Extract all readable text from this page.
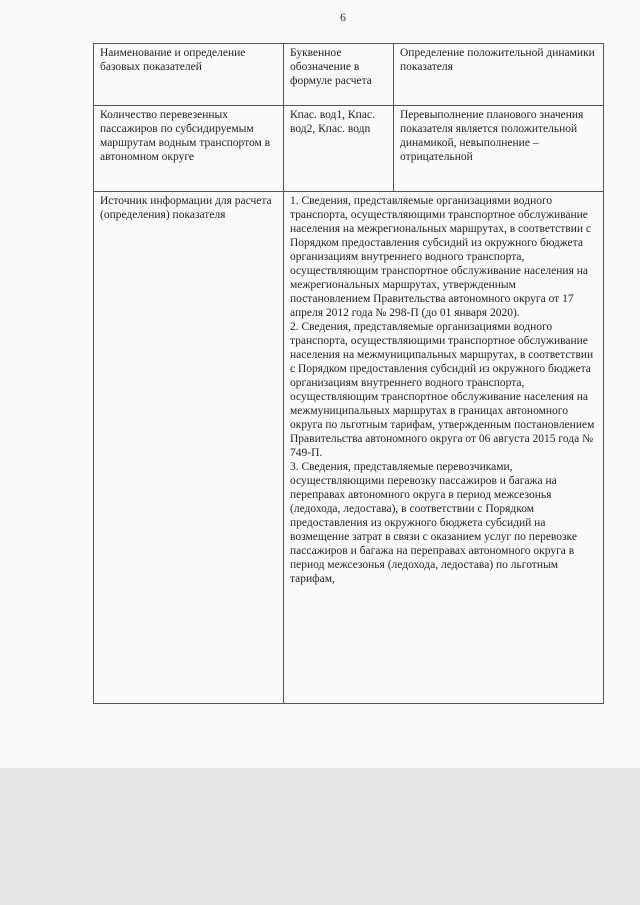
6
Наименование и определение базовых показателей	Буквенное обозначение в формуле расчета	Определение положительной динамики показателя
Количество перевезенных пассажиров по субсидируемым маршрутам водным транспортом в автономном округе	Кпас. вод1, Кпас. вод2, Кпас. водn	Перевыполнение планового значения показателя является положительной динамикой, невыполнение – отрицательной
Источник информации для расчета (определения) показателя	1. Сведения, представляемые организациями водного транспорта, осуществляющими транспортное обслуживание населения на межрегиональных маршрутах, в соответствии с Порядком предоставления субсидий из окружного бюджета организациям внутреннего водного транспорта, осуществляющим транспортное обслуживание населения на межрегиональных маршрутах, утвержденным постановлением Правительства автономного округа от 17 апреля 2012 года № 298-П (до 01 января 2020).
2. Сведения, представляемые организациями водного транспорта, осуществляющими транспортное обслуживание населения на межмуниципальных маршрутах, в соответствии с Порядком предоставления субсидий из окружного бюджета организациям внутреннего водного транспорта, осуществляющим транспортное обслуживание населения на межмуниципальных маршрутах в границах автономного округа по льготным тарифам, утвержденным постановлением Правительства автономного округа от 06 августа 2015 года № 749-П.
3. Сведения, представляемые перевозчиками, осуществляющими перевозку пассажиров и багажа на переправах автономного округа в период межсезонья (ледохода, ледостава), в соответствии с Порядком предоставления из окружного бюджета субсидий на возмещение затрат в связи с оказанием услуг по перевозке пассажиров и багажа на переправах автономного округа в период межсезонья (ледохода, ледостава) по льготным тарифам,	
